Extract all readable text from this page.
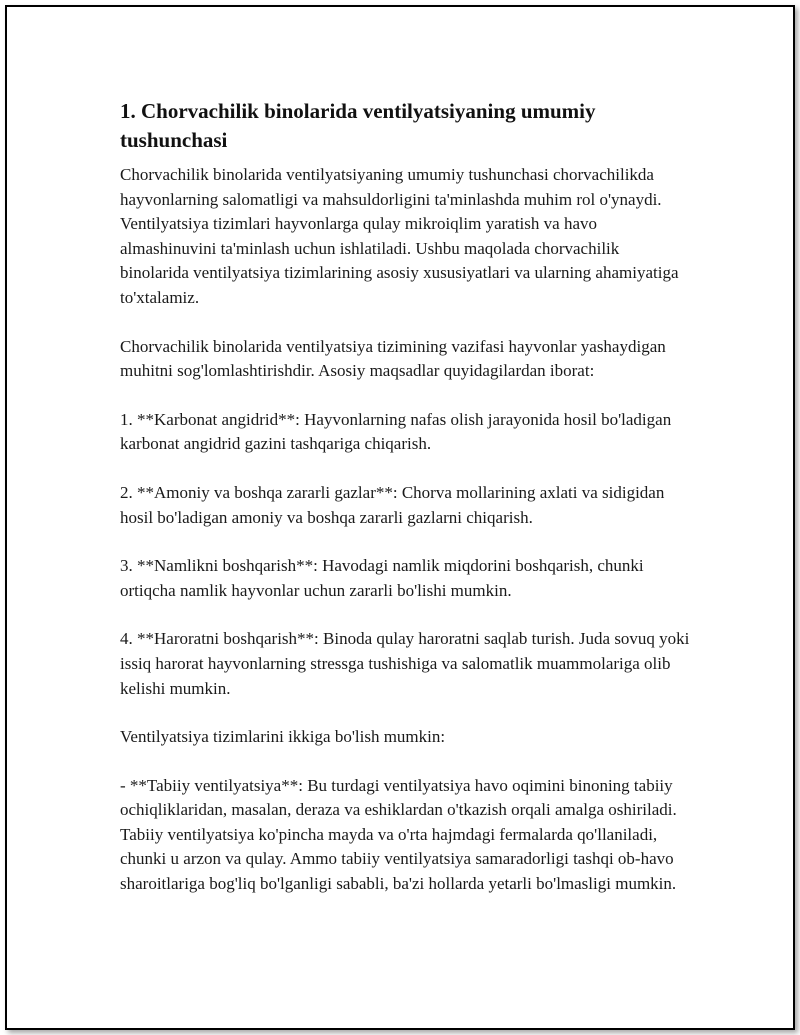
1. Chorvachilik binolarida ventilyatsiyaning umumiy tushunchasi

Chorvachilik binolarida ventilyatsiyaning umumiy tushunchasi chorvachilikda hayvonlarning salomatligi va mahsuldorligini ta'minlashda muhim rol o'ynaydi. Ventilyatsiya tizimlari hayvonlarga qulay mikroiqlim yaratish va havo almashinuvini ta'minlash uchun ishlatiladi. Ushbu maqolada chorvachilik binolarida ventilyatsiya tizimlarining asosiy xususiyatlari va ularning ahamiyatiga to'xtalamiz.

Chorvachilik binolarida ventilyatsiya tizimining vazifasi hayvonlar yashaydigan muhitni sog'lomlashtirishdir. Asosiy maqsadlar quyidagilardan iborat:

1. **Karbonat angidrid**: Hayvonlarning nafas olish jarayonida hosil bo'ladigan karbonat angidrid gazini tashqariga chiqarish.

2. **Amoniy va boshqa zararli gazlar**: Chorva mollarining axlati va sidigidan hosil bo'ladigan amoniy va boshqa zararli gazlarni chiqarish.

3. **Namlikni boshqarish**: Havodagi namlik miqdorini boshqarish, chunki ortiqcha namlik hayvonlar uchun zararli bo'lishi mumkin.

4. **Haroratni boshqarish**: Binoda qulay haroratni saqlab turish. Juda sovuq yoki issiq harorat hayvonlarning stressga tushishiga va salomatlik muammolariga olib kelishi mumkin.

Ventilyatsiya tizimlarini ikkiga bo'lish mumkin:

- **Tabiiy ventilyatsiya**: Bu turdagi ventilyatsiya havo oqimini binoning tabiiy ochiqliklaridan, masalan, deraza va eshiklardan o'tkazish orqali amalga oshiriladi. Tabiiy ventilyatsiya ko'pincha mayda va o'rta hajmdagi fermalarda qo'llaniladi, chunki u arzon va qulay. Ammo tabiiy ventilyatsiya samaradorligi tashqi ob-havo sharoitlariga bog'liq bo'lganligi sababli, ba'zi hollarda yetarli bo'lmasligi mumkin.
